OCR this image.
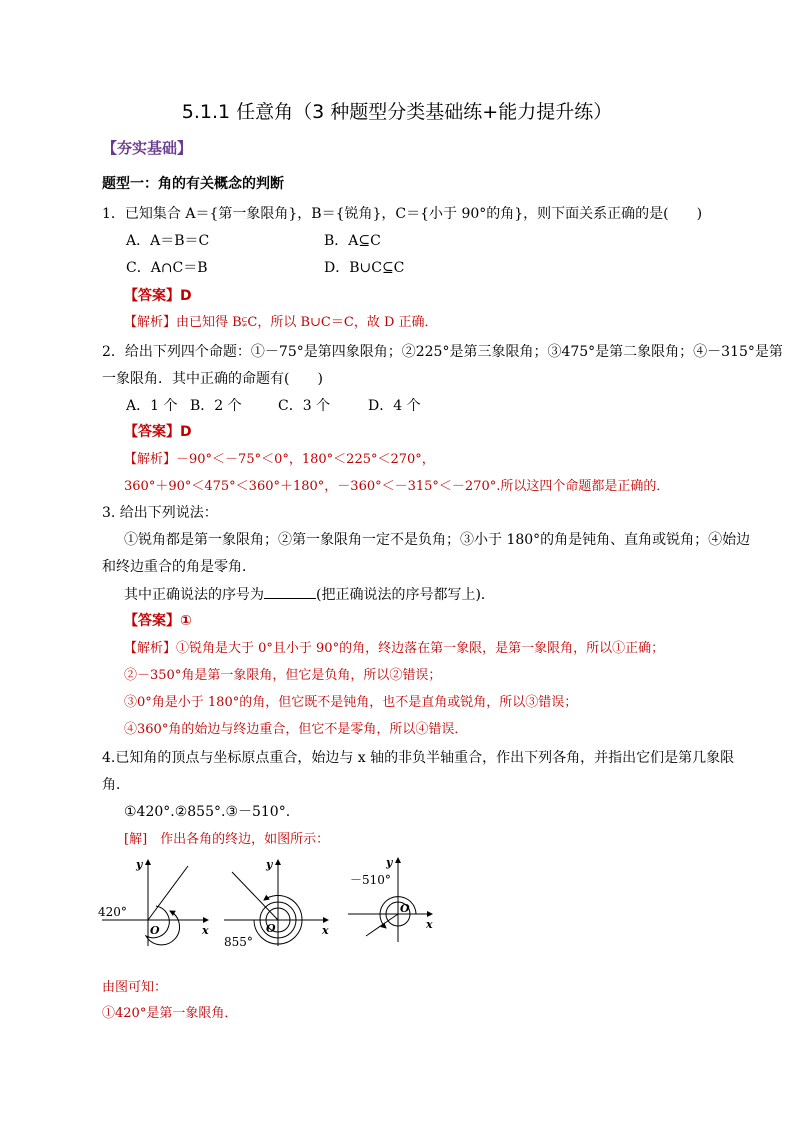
5.1.1 任意角（3 种题型分类基础练+能力提升练）
【夯实基础】
题型一：角的有关概念的判断
1．已知集合 A＝{第一象限角}，B＝{锐角}，C＝{小于 90°的角}，则下面关系正确的是(　　)
A．A＝B＝C	B．A⊆C
C．A∩C＝B	D．B∪C⊆C
【答案】D
【解析】由已知得 B⫋C，所以 B∪C＝C，故 D 正确．
2．给出下列四个命题：①－75°是第四象限角；②225°是第三象限角；③475°是第二象限角；④－315°是第
一象限角．其中正确的命题有(　　)
A．1 个 B．2 个	C．3 个	D．4 个
【答案】D
【解析】－90°＜－75°＜0°，180°＜225°＜270°，
360°＋90°＜475°＜360°＋180°，－360°＜－315°＜－270°.所以这四个命题都是正确的．
3. 给出下列说法：
①锐角都是第一象限角；②第一象限角一定不是负角；③小于 180°的角是钝角、直角或锐角；④始边
和终边重合的角是零角．
其中正确说法的序号为	(把正确说法的序号都写上)．
【答案】①
【解析】①锐角是大于 0°且小于 90°的角，终边落在第一象限，是第一象限角，所以①正确；
②－350°角是第一象限角，但它是负角，所以②错误；
③0°角是小于 180°的角，但它既不是钝角，也不是直角或锐角，所以③错误；
④360°角的始边与终边重合，但它不是零角，所以④错误．
4.已知角的顶点与坐标原点重合，始边与 x 轴的非负半轴重合，作出下列各角，并指出它们是第几象限
角．
①420°.②855°.③－510°.
[解]　作出各角的终边，如图所示：
420°
y
x
O
855°
y
x
O
－510°
y
x
O
由图可知：
①420°是第一象限角．
